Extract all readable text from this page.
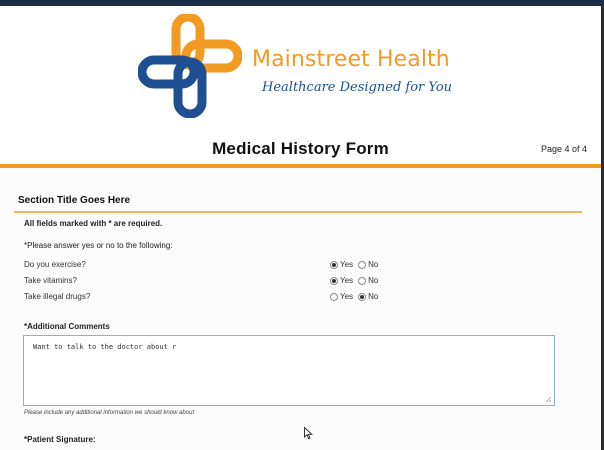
Mainstreet Health
Healthcare Designed for You
Medical History Form	Page 4 of 4
Section Title Goes Here
All fields marked with * are required.
*Please answer yes or no to the following:
Do you exercise?	Yes No
Take vitamins?	Yes No
Take illegal drugs?	Yes No
*Additional Comments
Want to talk to the doctor about r
Please include any additional information we should know about
*Patient Signature:
